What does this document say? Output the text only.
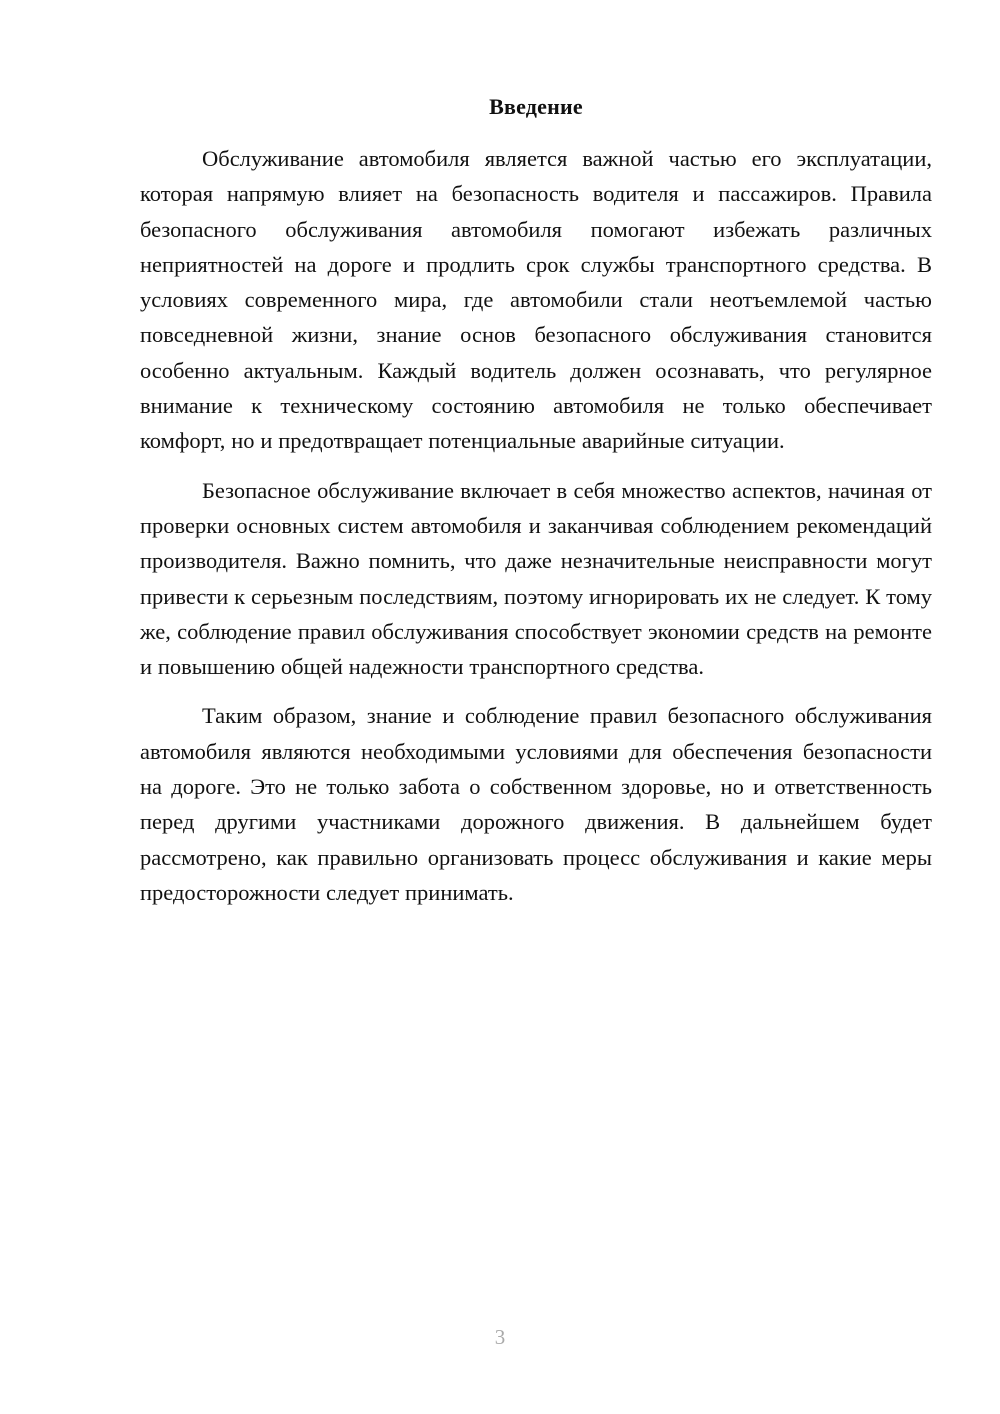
Введение

Обслуживание автомобиля является важной частью его эксплуатации, которая напрямую влияет на безопасность водителя и пассажиров. Правила безопасного обслуживания автомобиля помогают избежать различных неприятностей на дороге и продлить срок службы транспортного средства. В условиях современного мира, где автомобили стали неотъемлемой частью повседневной жизни, знание основ безопасного обслуживания становится особенно актуальным. Каждый водитель должен осознавать, что регулярное внимание к техническому состоянию автомобиля не только обеспечивает комфорт, но и предотвращает потенциальные аварийные ситуации.

Безопасное обслуживание включает в себя множество аспектов, начиная от проверки основных систем автомобиля и заканчивая соблюдением рекомендаций производителя. Важно помнить, что даже незначительные неисправности могут привести к серьезным последствиям, поэтому игнорировать их не следует. К тому же, соблюдение правил обслуживания способствует экономии средств на ремонте и повышению общей надежности транспортного средства.

Таким образом, знание и соблюдение правил безопасного обслуживания автомобиля являются необходимыми условиями для обеспечения безопасности на дороге. Это не только забота о собственном здоровье, но и ответственность перед другими участниками дорожного движения. В дальнейшем будет рассмотрено, как правильно организовать процесс обслуживания и какие меры предосторожности следует принимать.

3
